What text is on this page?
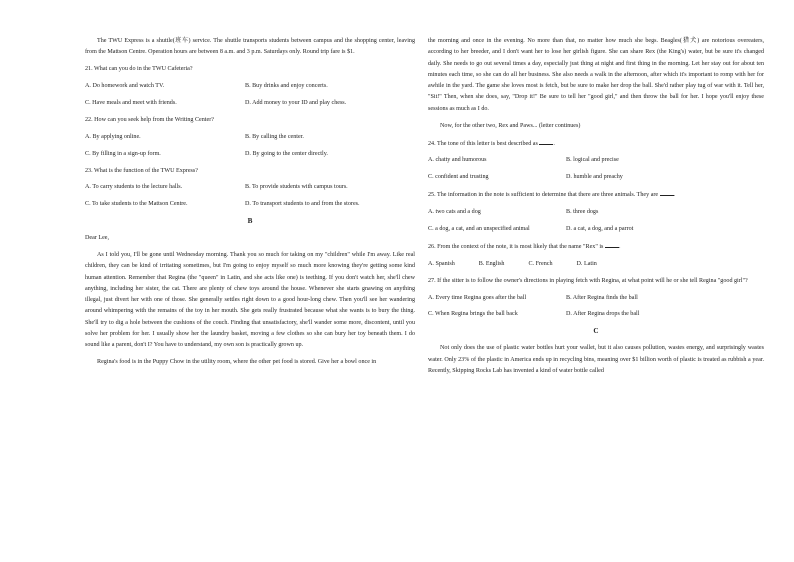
The TWU Express is a shuttle(班车) service. The shuttle transports students between campus and the shopping center, leaving from the Mattson Centre. Operation hours are between 8 a.m. and 3 p.m. Saturdays only. Round trip fare is $1.

21. What can you do in the TWU Cafeteria?

A. Do homework and watch TV.	B. Buy drinks and enjoy concerts.
C. Have meals and meet with friends.	D. Add money to your ID and play chess.

22. How can you seek help from the Writing Center?

A. By applying online.	B. By calling the center.
C. By filling in a sign-up form.	D. By going to the center directly.

23. What is the function of the TWU Express?

A. To carry students to the lecture halls.	B. To provide students with campus tours.
C. To take students to the Mattson Centre.	D. To transport students to and from the stores.

B

Dear Lee,

As I told you, I'll be gone until Wednesday morning. Thank you so much for taking on my "children" while I'm away. Like real children, they can be kind of irritating sometimes, but I'm going to enjoy myself so much more knowing they're getting some kind human attention. Remember that Regina (the "queen" in Latin, and she acts like one) is teething. If you don't watch her, she'll chew anything, including her sister, the cat. There are plenty of chew toys around the house. Whenever she starts gnawing on anything illegal, just divert her with one of those. She generally settles right down to a good hour-long chew. Then you'll see her wandering around whimpering with the remains of the toy in her mouth. She gets really frustrated because what she wants is to bury the thing. She'll try to dig a hole between the cushions of the couch. Finding that unsatisfactory, she'll wander some more, discontent, until you solve her problem for her. I usually show her the laundry basket, moving a few clothes so she can bury her toy beneath them. I do sound like a parent, don't I? You have to understand, my own son is practically grown up.

Regina's food is in the Puppy Chow in the utility room, where the other pet food is stored. Give her a bowl once in

the morning and once in the evening. No more than that, no matter how much she begs. Beagles(猎犬) are notorious overeaters, according to her breeder, and I don't want her to lose her girlish figure. She can share Rex (the King's) water, but be sure it's changed daily. She needs to go out several times a day, especially just thing at night and first thing in the morning. Let her stay out for about ten minutes each time, so she can do all her business. She also needs a walk in the afternoon, after which it's important to romp with her for awhile in the yard. The game she loves most is fetch, but be sure to make her drop the ball. She'd rather play tug of war with it. Tell her, "Sit!" Then, when she does, say, "Drop it!" Be sure to tell her "good girl," and then throw the ball for her. I hope you'll enjoy these sessions as much as I do.

Now, for the other two, Rex and Paws... (letter continues)

24. The tone of this letter is best described as	.

A. chatty and humorous	B. logical and precise
C. confident and trusting	D. humble and preachy

25. The information in the note is sufficient to determine that there are three animals. They are	.

A. two cats and a dog	B. three dogs
C. a dog, a cat, and an unspecified animal	D. a cat, a dog, and a parrot

26. From the context of the note, it is most likely that the name "Rex" is	.

A. Spanish	B. English	C. French	D. Latin

27. If the sitter is to follow the owner's directions in playing fetch with Regina, at what point will he or she tell Regina "good girl"?

A. Every time Regina goes after the ball	B. After Regina finds the ball
C. When Regina brings the ball back	D. After Regina drops the ball

C

Not only does the use of plastic water bottles hurt your wallet, but it also causes pollution, wastes energy, and surprisingly wastes water. Only 23% of the plastic in America ends up in recycling bins, meaning over $1 billion worth of plastic is treated as rubbish a year. Recently, Skipping Rocks Lab has invented a kind of water bottle called
